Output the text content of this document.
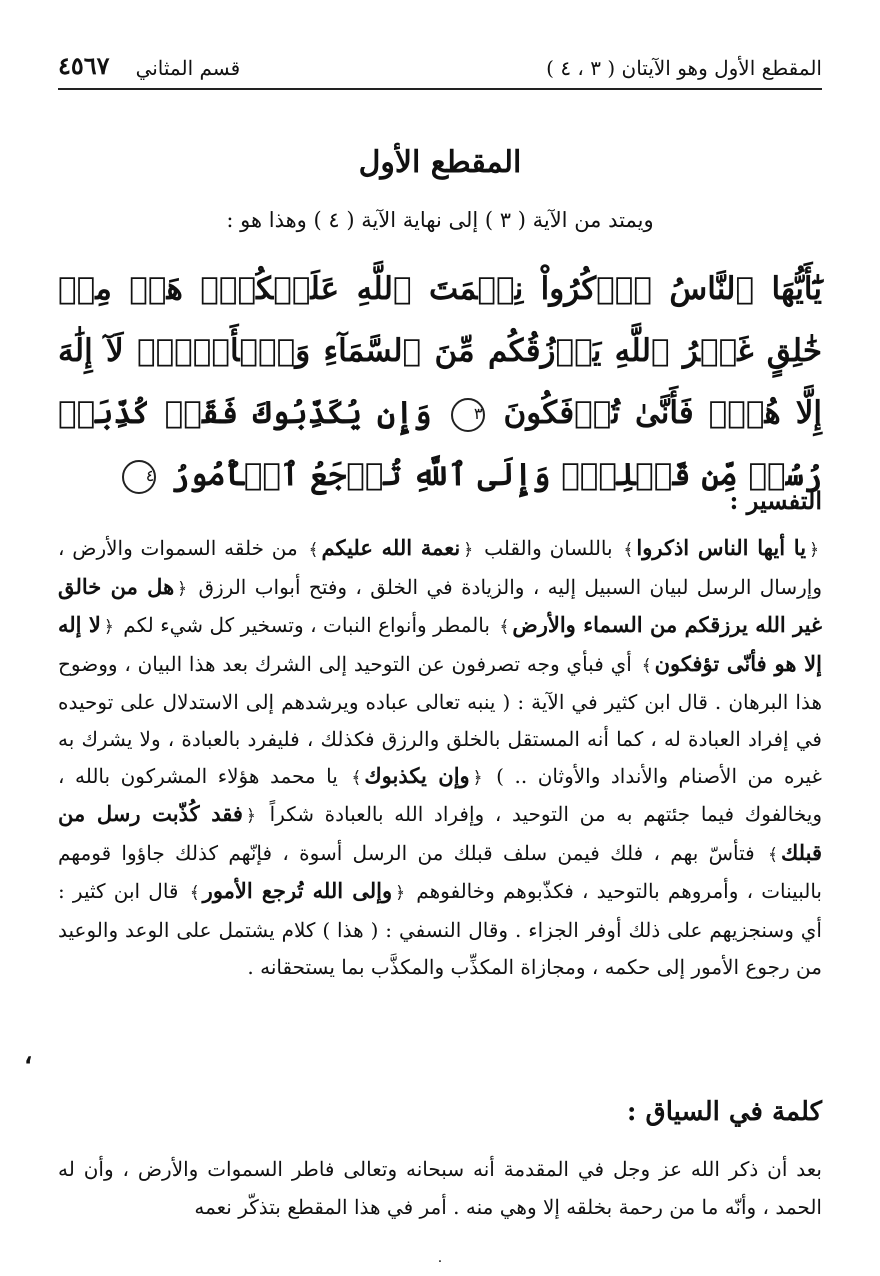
المقطع الأول وهو الآيتان ( ٣ ، ٤ )
قسم المثاني
٤٥٦٧
المقطع الأول
ويمتد من الآية ( ٣ ) إلى نهاية الآية ( ٤ ) وهذا هو :
يَٰٓأَيُّهَا ٱلنَّاسُ ٱذۡكُرُواْ نِعۡمَتَ ٱللَّهِ عَلَيۡكُمۡۚ هَلۡ مِنۡ خَٰلِقٍ غَيۡرُ ٱللَّهِ يَرۡزُقُكُم مِّنَ ٱلسَّمَآءِ وَٱلۡأَرۡضِۚ لَآ إِلَٰهَ إِلَّا هُوَۖ فَأَنَّىٰ تُؤۡفَكُونَ ٣ وَإِن يُكَذِّبُوكَ فَقَدۡ كُذِّبَتۡ رُسُلٞ مِّن قَبۡلِكَۚ وَإِلَى ٱللَّهِ تُرۡجَعُ ٱلۡأُمُورُ ٤
التفسير :
﴿يا أيها الناس اذكروا﴾ باللسان والقلب ﴿نعمة الله عليكم﴾ من خلقه السموات والأرض ، وإرسال الرسل لبيان السبيل إليه ، والزيادة في الخلق ، وفتح أبواب الرزق ﴿هل من خالق غير الله يرزقكم من السماء والأرض﴾ بالمطر وأنواع النبات ، وتسخير كل شيء لكم ﴿لا إله إلا هو فأنّى تؤفكون﴾ أي فبأي وجه تصرفون عن التوحيد إلى الشرك بعد هذا البيان ، ووضوح هذا البرهان . قال ابن كثير في الآية : ( ينبه تعالى عباده ويرشدهم إلى الاستدلال على توحيده في إفراد العبادة له ، كما أنه المستقل بالخلق والرزق فكذلك ، فليفرد بالعبادة ، ولا يشرك به غيره من الأصنام والأنداد والأوثان .. ) ﴿وإن يكذبوك﴾ يا محمد هؤلاء المشركون بالله ، ويخالفوك فيما جئتهم به من التوحيد ، وإفراد الله بالعبادة شكراً ﴿فقد كُذّبت رسل من قبلك﴾ فتأسّ بهم ، فلك فيمن سلف قبلك من الرسل أسوة ، فإنّهم كذلك جاؤوا قومهم بالبينات ، وأمروهم بالتوحيد ، فكذّبوهم وخالفوهم ﴿وإلى الله تُرجع الأمور﴾ قال ابن كثير : أي وسنجزيهم على ذلك أوفر الجزاء . وقال النسفي : ( هذا ) كلام يشتمل على الوعد والوعيد من رجوع الأمور إلى حكمه ، ومجازاة المكذِّب والمكذَّب بما يستحقانه .
،
كلمة في السياق :
بعد أن ذكر الله عز وجل في المقدمة أنه سبحانه وتعالى فاطر السموات والأرض ، وأن له الحمد ، وأنّه ما من رحمة بخلقه إلا وهي منه . أمر في هذا المقطع بتذكّر نعمه
.
